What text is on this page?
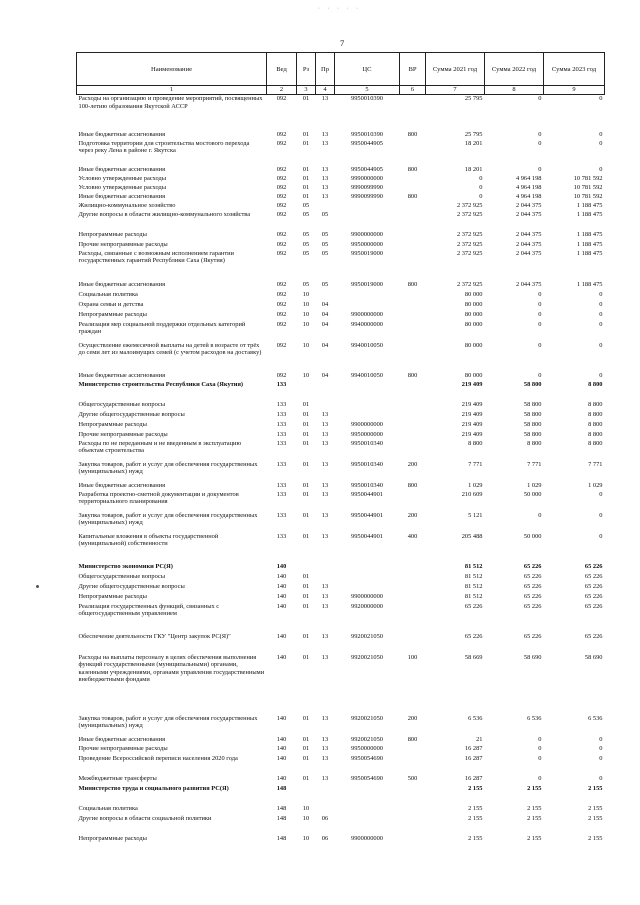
· · · · ·
7
Наименование	Вед	Рз	Пр	ЦС	ВР	Сумма 2021 год	Сумма 2022 год	Сумма 2023 год
1	2	3	4	5	6	7	8	9
Расходы на организацию и проведение мероприятий, посвященных 100-летию образования Якутской АССР	092	01	13	9950010390		25 795	0	0
Иные бюджетные ассигнования	092	01	13	9950010390	800	25 795	0	0
Подготовка территории для строительства мостового перехода через реку Лена в районе г. Якутска	092	01	13	9950044905		18 201	0	0
Иные бюджетные ассигнования	092	01	13	9950044905	800	18 201	0	0
Условно утвержденные расходы	092	01	13	9990000000		0	4 964 198	10 781 592
Условно утвержденные расходы	092	01	13	9990099990		0	4 964 198	10 781 592
Иные бюджетные ассигнования	092	01	13	9990099990	800	0	4 964 198	10 781 592
Жилищно-коммунальное хозяйство	092	05				2 372 925	2 044 375	1 188 475
Другие вопросы в области жилищно-коммунального хозяйства	092	05	05			2 372 925	2 044 375	1 188 475
Непрограммные расходы	092	05	05	9900000000		2 372 925	2 044 375	1 188 475
Прочие непрограммные расходы	092	05	05	9950000000		2 372 925	2 044 375	1 188 475
Расходы, связанные с возможным исполнением гарантии государственных гарантий Республики Саха (Якутия)	092	05	05	9950019000		2 372 925	2 044 375	1 188 475
Иные бюджетные ассигнования	092	05	05	9950019000	800	2 372 925	2 044 375	1 188 475
Социальная политика	092	10				80 000	0	0
Охрана семьи и детства	092	10	04			80 000	0	0
Непрограммные расходы	092	10	04	9900000000		80 000	0	0
Реализация мер социальной поддержки отдельных категорий граждан	092	10	04	9940000000		80 000	0	0
Осуществление ежемесячной выплаты на детей в возрасте от трёх до семи лет из малоимущих семей (с учетом расходов на доставку)	092	10	04	9940010050		80 000	0	0
Иные бюджетные ассигнования	092	10	04	9940010050	800	80 000	0	0
Министерство строительства Республики Саха (Якутия)	133					219 409	58 800	8 800
Общегосударственные вопросы	133	01				219 409	58 800	8 800
Другие общегосударственные вопросы	133	01	13			219 409	58 800	8 800
Непрограммные расходы	133	01	13	9900000000		219 409	58 800	8 800
Прочие непрограммные расходы	133	01	13	9950000000		219 409	58 800	8 800
Расходы по не переданным и не введенным в эксплуатацию объектам строительства	133	01	13	9950010340		8 800	8 800	8 800
Закупка товаров, работ и услуг для обеспечения государственных (муниципальных) нужд	133	01	13	9950010340	200	7 771	7 771	7 771
Иные бюджетные ассигнования	133	01	13	9950010340	800	1 029	1 029	1 029
Разработка проектно-сметной документации и документов территориального планирования	133	01	13	9950044901		210 609	50 000	0
Закупка товаров, работ и услуг для обеспечения государственных (муниципальных) нужд	133	01	13	9950044901	200	5 121	0	0
Капитальные вложения в объекты государственной (муниципальной) собственности	133	01	13	9950044901	400	205 488	50 000	0
Министерство экономики РС(Я)	140					81 512	65 226	65 226
Общегосударственные вопросы	140	01				81 512	65 226	65 226
Другие общегосударственные вопросы	140	01	13			81 512	65 226	65 226
Непрограммные расходы	140	01	13	9900000000		81 512	65 226	65 226
Реализация государственных функций, связанных с общегосударственным управлением	140	01	13	9920000000		65 226	65 226	65 226
Обеспечение деятельности ГКУ "Центр закупок РС(Я)"	140	01	13	9920021050		65 226	65 226	65 226
Расходы на выплаты персоналу в целях обеспечения выполнения функций государственными (муниципальными) органами, казенными учреждениями, органами управления государственными внебюджетными фондами	140	01	13	9920021050	100	58 669	58 690	58 690
Закупка товаров, работ и услуг для обеспечения государственных (муниципальных) нужд	140	01	13	9920021050	200	6 536	6 536	6 536
Иные бюджетные ассигнования	140	01	13	9920021050	800	21	0	0
Прочие непрограммные расходы	140	01	13	9950000000		16 287	0	0
Проведение Всероссийской переписи населения 2020 года	140	01	13	9950054690		16 287	0	0
Межбюджетные трансферты	140	01	13	9950054690	500	16 287	0	0
Министерство труда и социального развития РС(Я)	148					2 155	2 155	2 155
Социальная политика	148	10				2 155	2 155	2 155
Другие вопросы в области социальной политики	148	10	06			2 155	2 155	2 155
Непрограммные расходы	148	10	06	9900000000		2 155	2 155	2 155
